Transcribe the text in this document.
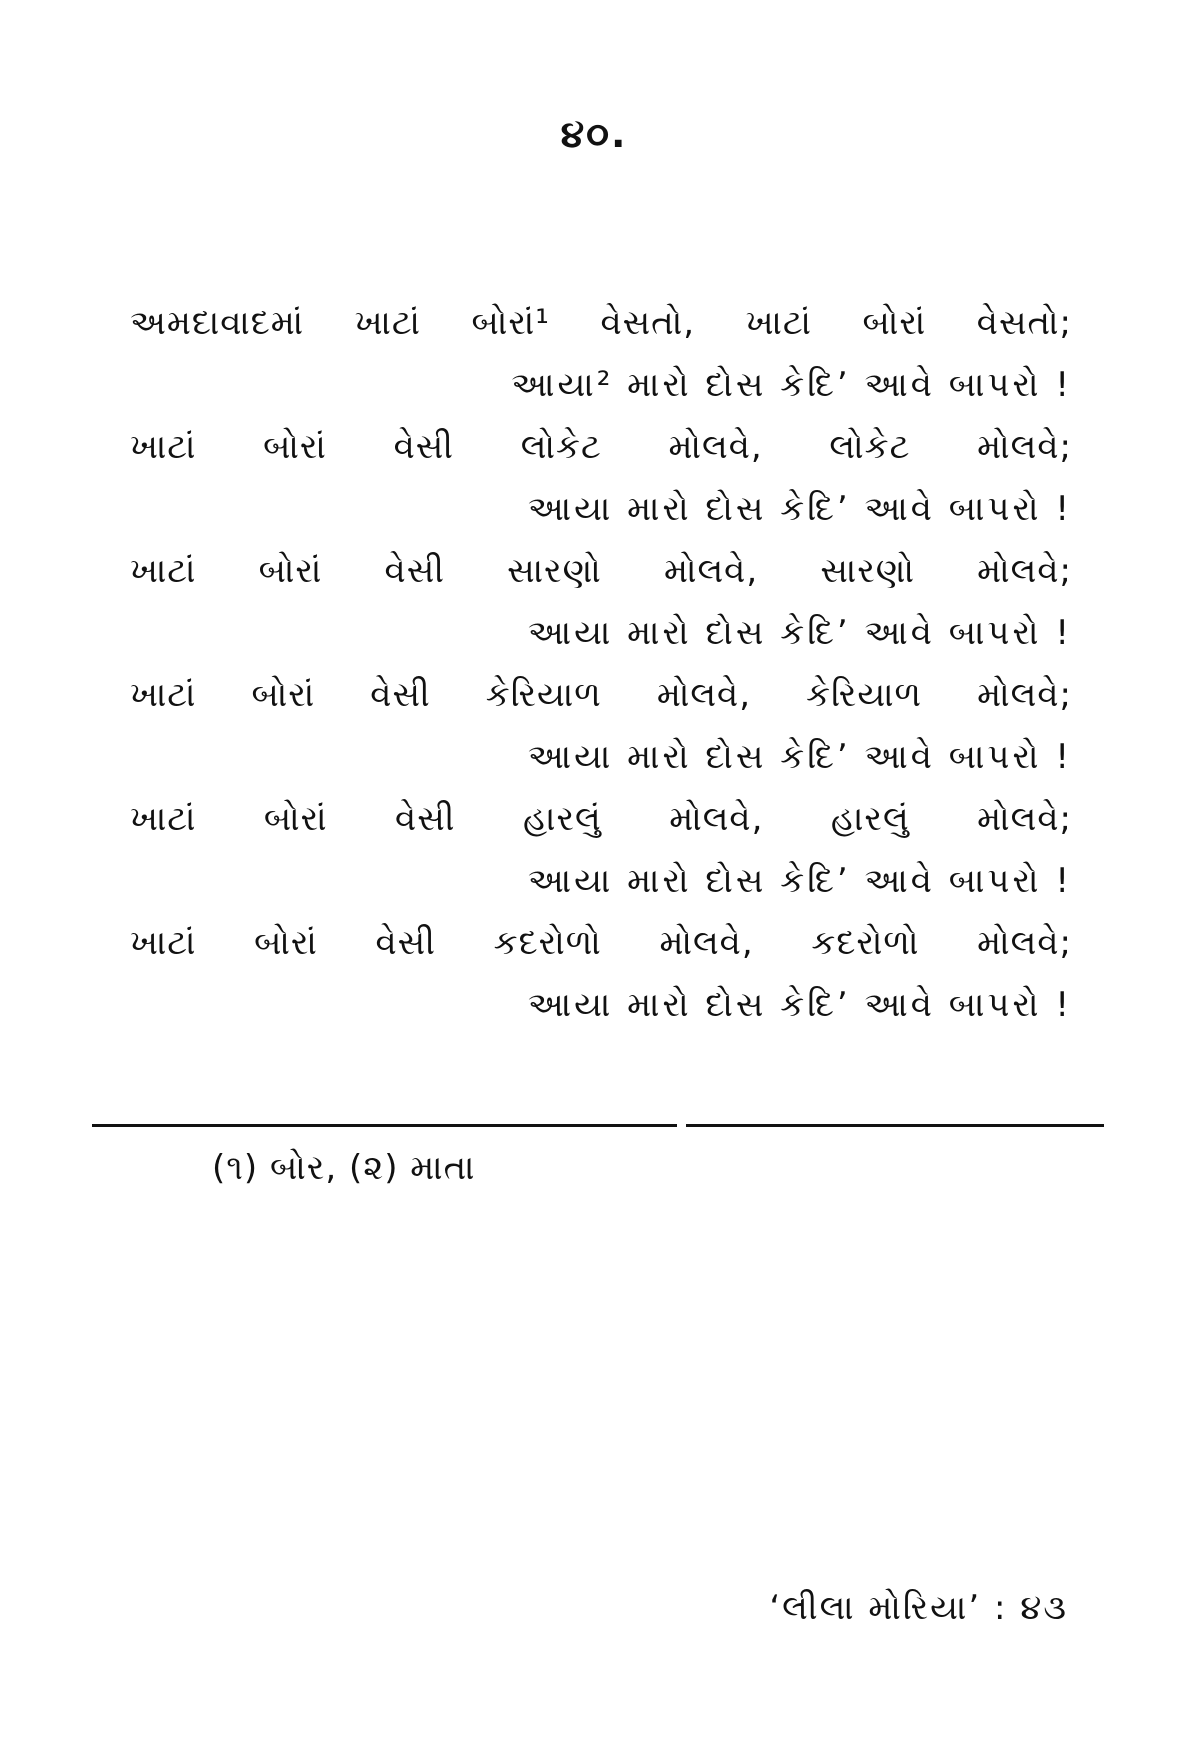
૪૦.
અમદાવાદમાં ખાટાં બોરાં¹ વેસતો, ખાટાં બોરાં વેસતો;
આયા² મારો દોસ કેદિ’ આવે બાપરો !
ખાટાં બોરાં વેસી લોકેટ મોલવે, લોકેટ મોલવે;
આયા મારો દોસ કેદિ’ આવે બાપરો !
ખાટાં બોરાં વેસી સારણો મોલવે, સારણો મોલવે;
આયા મારો દોસ કેદિ’ આવે બાપરો !
ખાટાં બોરાં વેસી કેરિયાળ મોલવે, કેરિયાળ મોલવે;
આયા મારો દોસ કેદિ’ આવે બાપરો !
ખાટાં બોરાં વેસી હારલું મોલવે, હારલું મોલવે;
આયા મારો દોસ કેદિ’ આવે બાપરો !
ખાટાં બોરાં વેસી કદરોળો મોલવે, કદરોળો મોલવે;
આયા મારો દોસ કેદિ’ આવે બાપરો !
(૧) બોર, (૨) માતા
‘લીલા મોરિયા’ : ૪૩
